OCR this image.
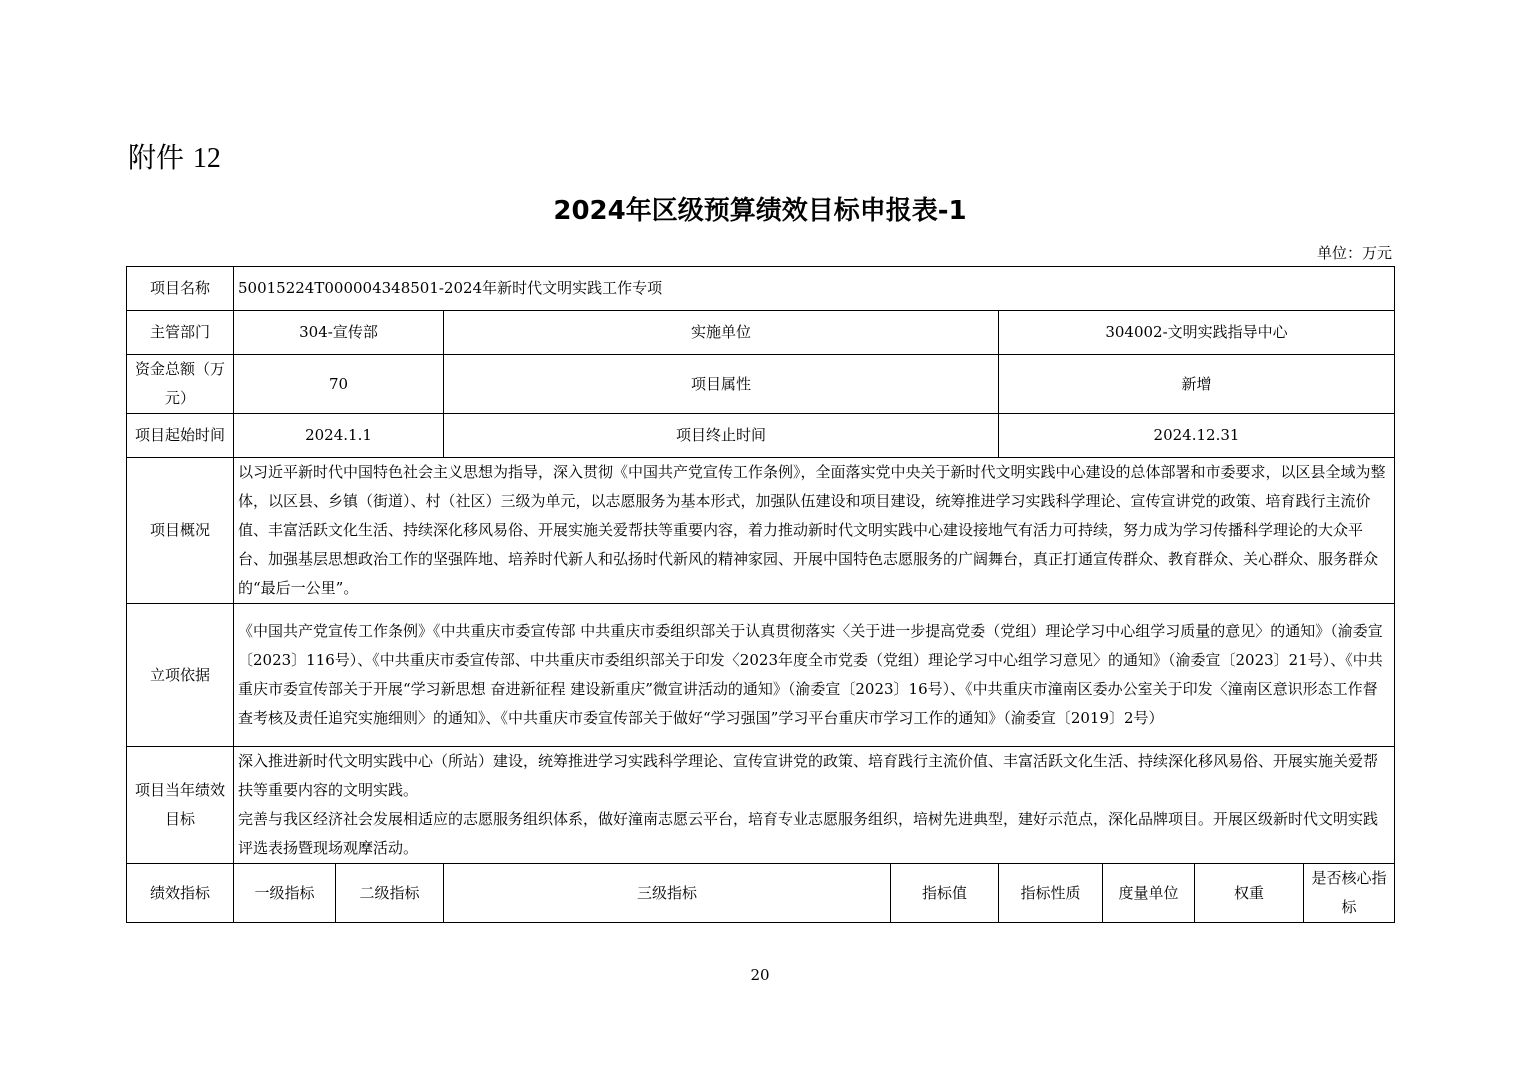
附件 12
2024年区级预算绩效目标申报表-1
单位：万元
项目名称	50015224T000004348501-2024年新时代文明实践工作专项							
主管部门	304-宣传部		实施单位		304002-文明实践指导中心			
资金总额（万元）	70		项目属性		新增			
项目起始时间	2024.1.1		项目终止时间		2024.12.31			
项目概况	以习近平新时代中国特色社会主义思想为指导，深入贯彻《中国共产党宣传工作条例》，全面落实党中央关于新时代文明实践中心建设的总体部署和市委要求，以区县全域为整体，以区县、乡镇（街道）、村（社区）三级为单元，以志愿服务为基本形式，加强队伍建设和项目建设，统筹推进学习实践科学理论、宣传宣讲党的政策、培育践行主流价值、丰富活跃文化生活、持续深化移风易俗、开展实施关爱帮扶等重要内容，着力推动新时代文明实践中心建设接地气有活力可持续，努力成为学习传播科学理论的大众平台、加强基层思想政治工作的坚强阵地、培养时代新人和弘扬时代新风的精神家园、开展中国特色志愿服务的广阔舞台，真正打通宣传群众、教育群众、关心群众、服务群众的“最后一公里”。							
立项依据	《中国共产党宣传工作条例》《中共重庆市委宣传部 中共重庆市委组织部关于认真贯彻落实〈关于进一步提高党委（党组）理论学习中心组学习质量的意见〉的通知》（渝委宣〔2023〕116号）、《中共重庆市委宣传部、中共重庆市委组织部关于印发〈2023年度全市党委（党组）理论学习中心组学习意见〉的通知》（渝委宣〔2023〕21号）、《中共重庆市委宣传部关于开展“学习新思想 奋进新征程 建设新重庆”微宣讲活动的通知》（渝委宣〔2023〕16号）、《中共重庆市潼南区委办公室关于印发〈潼南区意识形态工作督查考核及责任追究实施细则〉的通知》、《中共重庆市委宣传部关于做好“学习强国”学习平台重庆市学习工作的通知》（渝委宣〔2019〕2号）							
项目当年绩效目标	深入推进新时代文明实践中心（所站）建设，统筹推进学习实践科学理论、宣传宣讲党的政策、培育践行主流价值、丰富活跃文化生活、持续深化移风易俗、开展实施关爱帮扶等重要内容的文明实践。
完善与我区经济社会发展相适应的志愿服务组织体系，做好潼南志愿云平台，培育专业志愿服务组织，培树先进典型，建好示范点，深化品牌项目。开展区级新时代文明实践评选表扬暨现场观摩活动。							

绩效指标	一级指标	二级指标	三级指标	指标值	指标性质	度量单位	权重	是否核心指标
20
